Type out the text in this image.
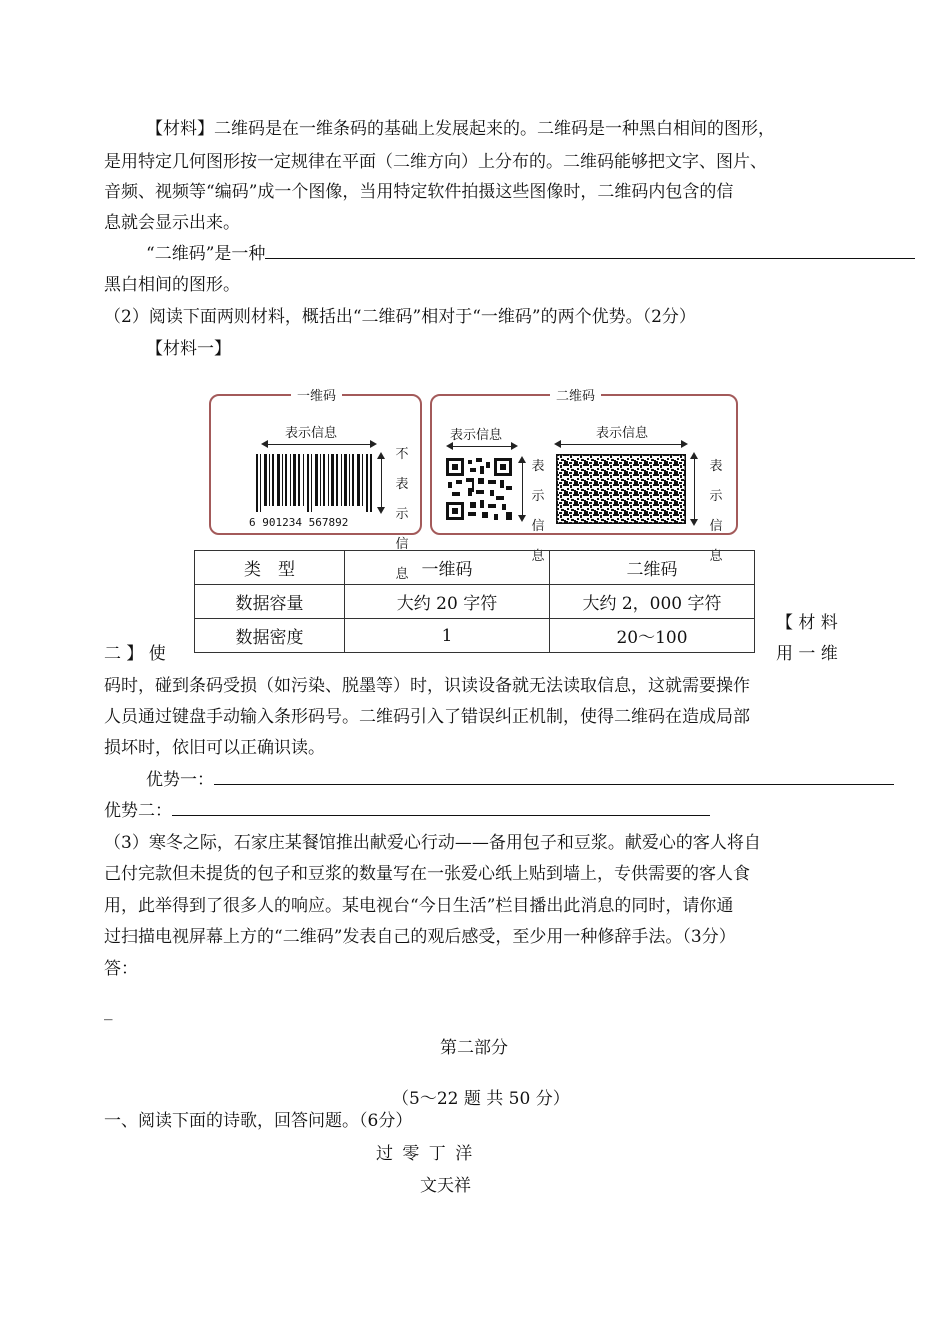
【材料】二维码是在一维条码的基础上发展起来的。二维码是一种黑白相间的图形，
是用特定几何图形按一定规律在平面（二维方向）上分布的。二维码能够把文字、图片、
音频、视频等“编码”成一个图像，当用特定软件拍摄这些图像时，二维码内包含的信
息就会显示出来。
“二维码”是一种
黑白相间的图形。
（2）阅读下面两则材料，概括出“二维码”相对于“一维码”的两个优势。（2分）
【材料一】
一维码
表示信息
6 901234 567892
不
表
示
信
息
二维码
表示信息
表
示
信
息
表示信息
表
示
信
息
类　型	一维码	二维码
数据容量	大约 20 字符	大约 2，000 字符
数据密度	1	20～100
【 材 料
二 】 使	用 一 维
码时，碰到条码受损（如污染、脱墨等）时，识读设备就无法读取信息，这就需要操作
人员通过键盘手动输入条形码号。二维码引入了错误纠正机制，使得二维码在造成局部
损坏时，依旧可以正确识读。
优势一：
优势二：
（3）寒冬之际，石家庄某餐馆推出献爱心行动——备用包子和豆浆。献爱心的客人将自
己付完款但未提货的包子和豆浆的数量写在一张爱心纸上贴到墙上，专供需要的客人食
用，此举得到了很多人的响应。某电视台“今日生活”栏目播出此消息的同时，请你通
过扫描电视屏幕上方的“二维码”发表自己的观后感受，至少用一种修辞手法。（3分）
答：
_
第二部分
（5～22 题 共 50 分）
一、阅读下面的诗歌，回答问题。（6分）
过 零 丁 洋
文天祥
